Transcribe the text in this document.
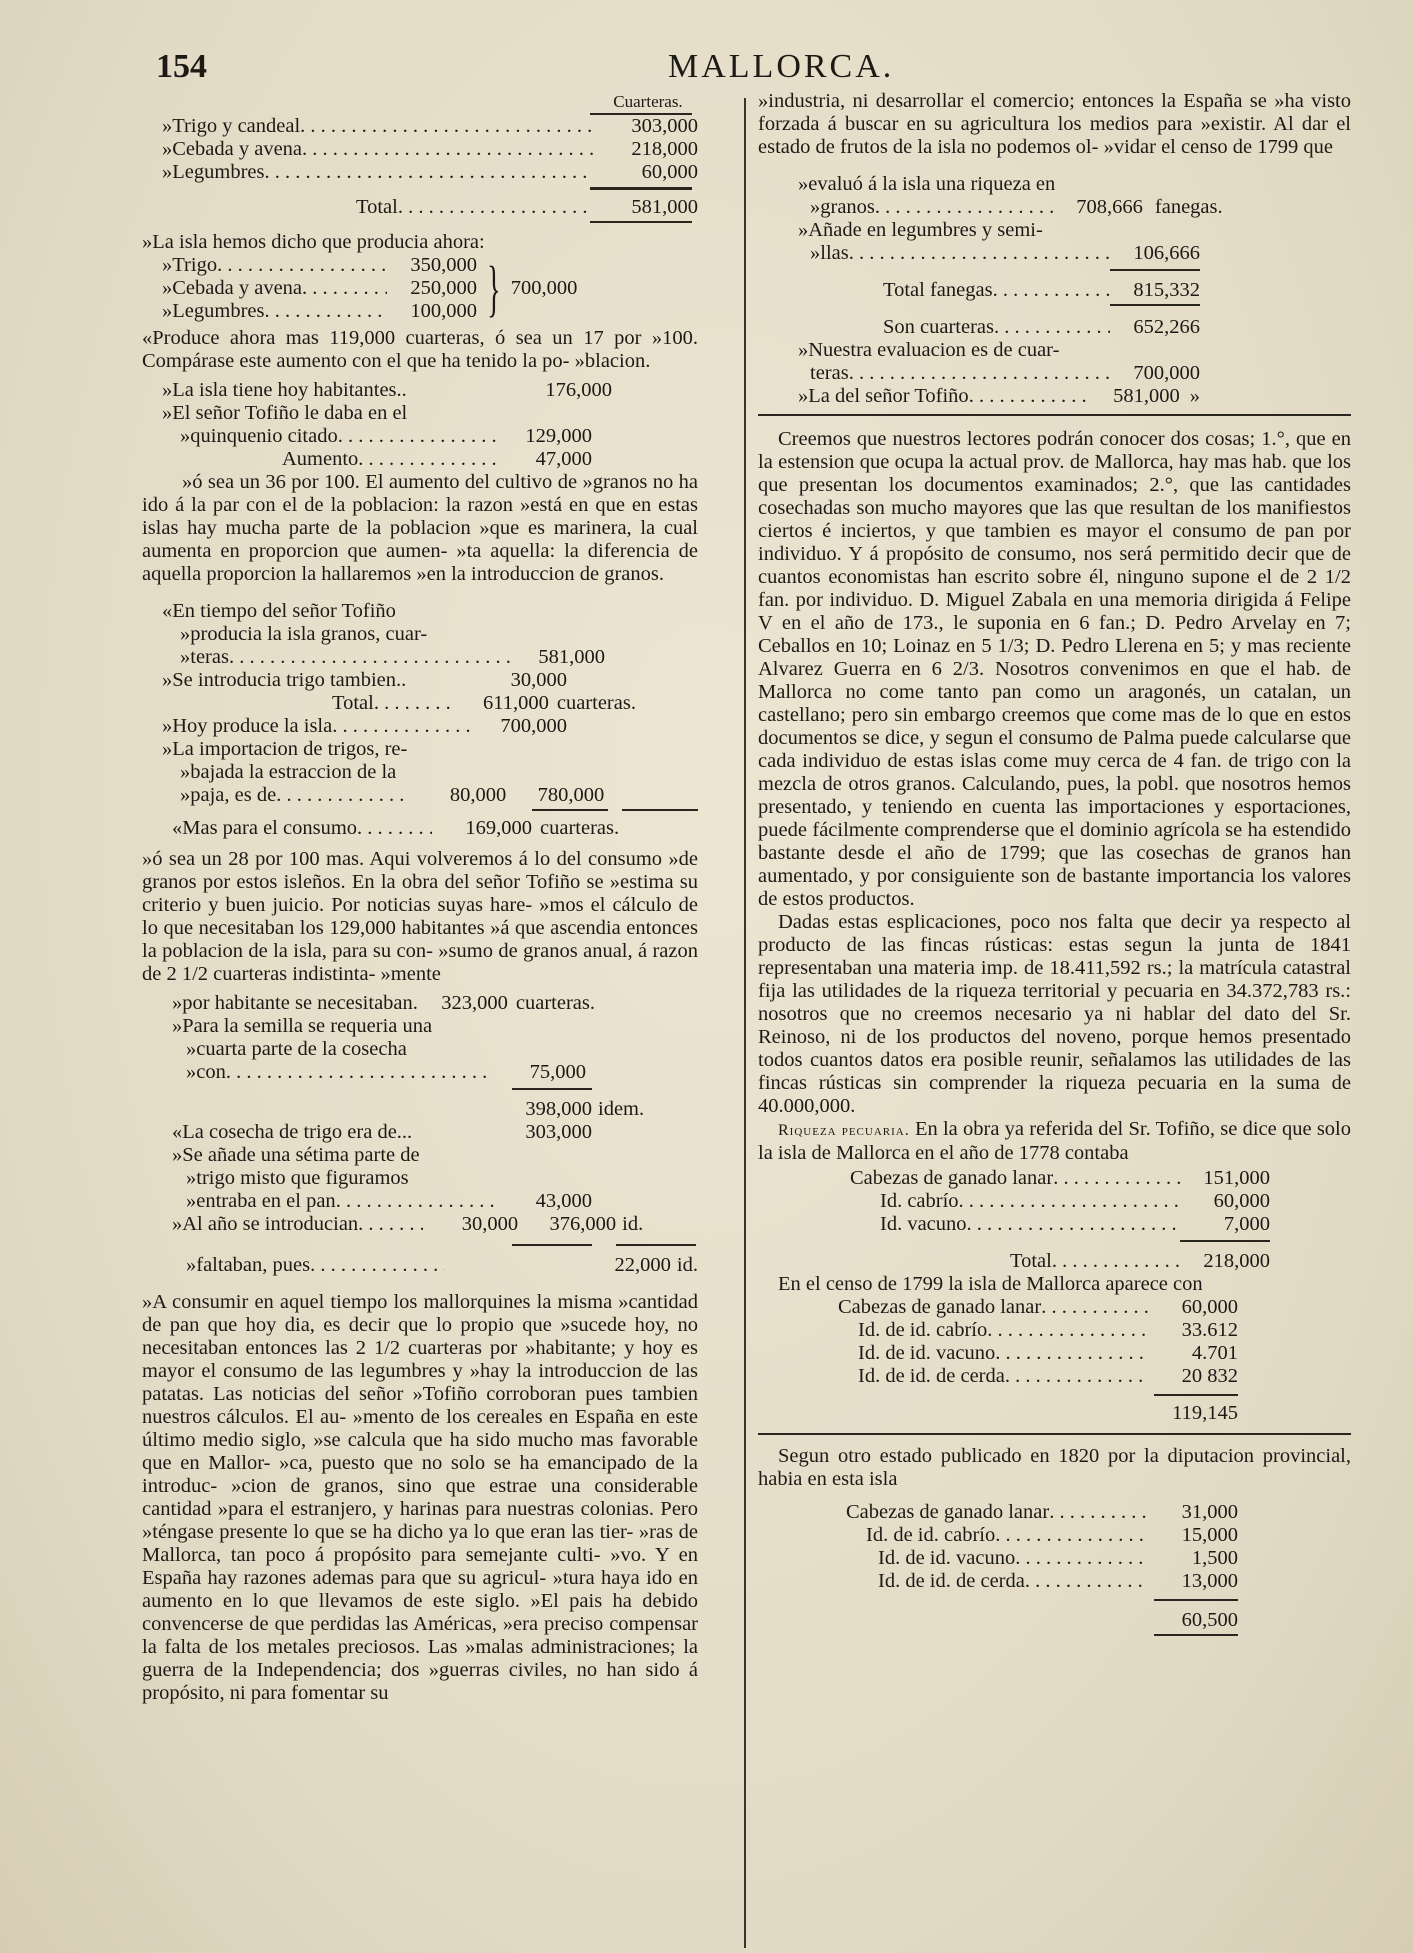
154	MALLORCA.
Cuarteras.
»Trigo y candeal . . .	303,000
»Cebada y avena . . .	218,000
»Legumbres . . .	60,000
Total . . .	581,000
»La isla hemos dicho que producia ahora:
»Trigo . . .	350,000
»Cebada y avena . . .	250,000
»Legumbres . . .	100,000 } 700,000

«Produce ahora mas 119,000 cuarteras, ó sea un 17 por »100. Compárase este aumento con el que ha tenido la po- »blacion.

»La isla tiene hoy habitantes..	176,000
»El señor Tofiño le daba en el
»quinquenio citado . . .	129,000
Aumento . . .	47,000

»ó sea un 36 por 100. El aumento del cultivo de »granos no ha ido á la par con el de la poblacion: la razon »está en que en estas islas hay mucha parte de la poblacion »que es marinera, la cual aumenta en proporcion que aumen- »ta aquella: la diferencia de aquella proporcion la hallaremos »en la introduccion de granos.

«En tiempo del señor Tofiño
»producia la isla granos, cuar-
»teras . . .	581,000
»Se introducia trigo tambien..	30,000
Total . . .	611,000 cuarteras.
»Hoy produce la isla . . .	700,000
»La importacion de trigos, re-
»bajada la estraccion de la
»paja, es de . . .	80,000	780,000
«Mas para el consumo . . .	169,000 cuarteras.

»ó sea un 28 por 100 mas. Aqui volveremos á lo del consumo »de granos por estos isleños. En la obra del señor Tofiño se »estima su criterio y buen juicio. Por noticias suyas hare- »mos el cálculo de lo que necesitaban los 129,000 habitantes »á que ascendia entonces la poblacion de la isla, para su con- »sumo de granos anual, á razon de 2 1/2 cuarteras indistinta- »mente

»por habitante se necesitaban.	323,000 cuarteras.
»Para la semilla se requeria una
»cuarta parte de la cosecha
»con . . .	75,000
398,000 idem.
«La cosecha de trigo era de...	303,000
»Se añade una sétima parte de
»trigo misto que figuramos
»entraba en el pan . . .	43,000
»Al año se introducian . . .	30,000	376,000 id.
»faltaban, pues . . .	22,000 id.

»A consumir en aquel tiempo los mallorquines la misma »cantidad de pan que hoy dia, es decir que lo propio que »sucede hoy, no necesitaban entonces las 2 1/2 cuarteras por »habitante; y hoy es mayor el consumo de las legumbres y »hay la introduccion de las patatas. Las noticias del señor »Tofiño corroboran pues tambien nuestros cálculos. El au- »mento de los cereales en España en este último medio siglo, »se calcula que ha sido mucho mas favorable que en Mallor- »ca, puesto que no solo se ha emancipado de la introduc- »cion de granos, sino que estrae una considerable cantidad »para el estranjero, y harinas para nuestras colonias. Pero »téngase presente lo que se ha dicho ya lo que eran las tier- »ras de Mallorca, tan poco á propósito para semejante culti- »vo. Y en España hay razones ademas para que su agricul- »tura haya ido en aumento en lo que llevamos de este siglo. »El pais ha debido convencerse de que perdidas las Américas, »era preciso compensar la falta de los metales preciosos. Las »malas administraciones; la guerra de la Independencia; dos »guerras civiles, no han sido á propósito, ni para fomentar su

»industria, ni desarrollar el comercio; entonces la España se »ha visto forzada á buscar en su agricultura los medios para »existir. Al dar el estado de frutos de la isla no podemos ol- »vidar el censo de 1799 que

»evaluó á la isla una riqueza en
»granos . . .	708,666 fanegas.
»Añade en legumbres y semi-
»llas . . .	106,666
Total fanegas . . .	815,332
Son cuarteras . . .	652,266
»Nuestra evaluacion es de cuar-
teras . . .	700,000
»La del señor Tofiño . . .	581,000 »

Creemos que nuestros lectores podrán conocer dos cosas; 1.°, que en la estension que ocupa la actual prov. de Mallorca, hay mas hab. que los que presentan los documentos examinados; 2.°, que las cantidades cosechadas son mucho mayores que las que resultan de los manifiestos ciertos é inciertos, y que tambien es mayor el consumo de pan por individuo. Y á propósito de consumo, nos será permitido decir que de cuantos economistas han escrito sobre él, ninguno supone el de 2 1/2 fan. por individuo. D. Miguel Zabala en una memoria dirigida á Felipe V en el año de 173., le suponia en 6 fan.; D. Pedro Arvelay en 7; Ceballos en 10; Loinaz en 5 1/3; D. Pedro Llerena en 5; y mas reciente Alvarez Guerra en 6 2/3. Nosotros convenimos en que el hab. de Mallorca no come tanto pan como un aragonés, un catalan, un castellano; pero sin embargo creemos que come mas de lo que en estos documentos se dice, y segun el consumo de Palma puede calcularse que cada individuo de estas islas come muy cerca de 4 fan. de trigo con la mezcla de otros granos. Calculando, pues, la pobl. que nosotros hemos presentado, y teniendo en cuenta las importaciones y esportaciones, puede fácilmente comprenderse que el dominio agrícola se ha estendido bastante desde el año de 1799; que las cosechas de granos han aumentado, y por consiguiente son de bastante importancia los valores de estos productos.

Dadas estas esplicaciones, poco nos falta que decir ya respecto al producto de las fincas rústicas: estas segun la junta de 1841 representaban una materia imp. de 18.411,592 rs.; la matrícula catastral fija las utilidades de la riqueza territorial y pecuaria en 34.372,783 rs.: nosotros que no creemos necesario ya ni hablar del dato del Sr. Reinoso, ni de los productos del noveno, porque hemos presentado todos cuantos datos era posible reunir, señalamos las utilidades de las fincas rústicas sin comprender la riqueza pecuaria en la suma de 40.000,000.

Riqueza pecuaria. En la obra ya referida del Sr. Tofiño, se dice que solo la isla de Mallorca en el año de 1778 contaba

Cabezas de ganado lanar . . .	151,000
Id. cabrío . . .	60,000
Id. vacuno . . .	7,000
Total . . .	218,000

En el censo de 1799 la isla de Mallorca aparece con

Cabezas de ganado lanar . . .	60,000
Id. de id. cabrío . . .	33.612
Id. de id. vacuno . . .	4.701
Id. de id. de cerda . . .	20 832
119,145

Segun otro estado publicado en 1820 por la diputacion provincial, habia en esta isla

Cabezas de ganado lanar . . .	31,000
Id. de id. cabrío . . .	15,000
Id. de id. vacuno . . .	1,500
Id. de id. de cerda . . .	13,000
60,500
